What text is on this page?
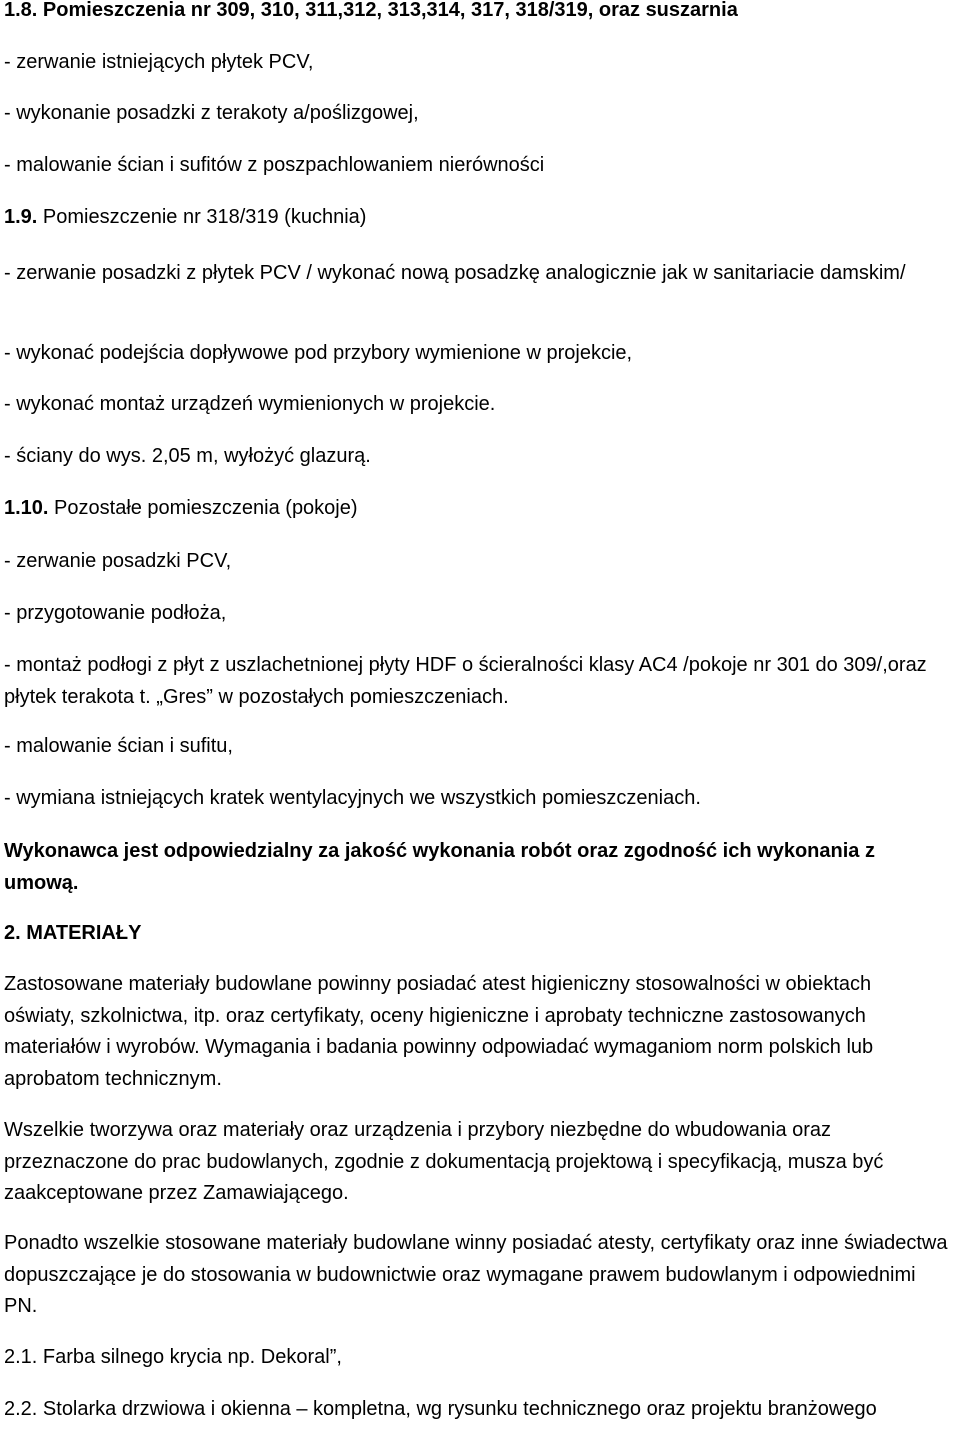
1.8. Pomieszczenia nr 309, 310, 311,312, 313,314, 317, 318/319, oraz suszarnia
- zerwanie istniejących płytek PCV,
- wykonanie posadzki z terakoty a/poślizgowej,
- malowanie ścian i sufitów z poszpachlowaniem nierówności
1.9. Pomieszczenie nr 318/319 (kuchnia)
- zerwanie posadzki z płytek PCV / wykonać nową posadzkę analogicznie jak w sanitariacie damskim/
- wykonać podejścia dopływowe pod przybory wymienione w projekcie,
- wykonać montaż urządzeń wymienionych w projekcie.
- ściany do wys. 2,05 m, wyłożyć glazurą.
1.10. Pozostałe pomieszczenia (pokoje)
- zerwanie posadzki PCV,
- przygotowanie podłoża,
- montaż podłogi z płyt z uszlachetnionej płyty HDF o ścieralności klasy AC4 /pokoje nr 301 do 309/,oraz płytek terakota t. „Gres” w pozostałych pomieszczeniach.
- malowanie ścian i sufitu,
- wymiana istniejących kratek wentylacyjnych we wszystkich pomieszczeniach.
Wykonawca jest odpowiedzialny za jakość wykonania robót oraz zgodność ich wykonania z umową.
2. MATERIAŁY
Zastosowane materiały budowlane powinny posiadać atest higieniczny stosowalności w obiektach oświaty, szkolnictwa, itp. oraz certyfikaty, oceny higieniczne i aprobaty techniczne zastosowanych materiałów i wyrobów. Wymagania i badania powinny odpowiadać wymaganiom norm polskich lub aprobatom technicznym.
Wszelkie tworzywa oraz materiały oraz urządzenia i przybory niezbędne do wbudowania oraz przeznaczone do prac budowlanych, zgodnie z dokumentacją projektową i specyfikacją, musza być zaakceptowane przez Zamawiającego.
Ponadto wszelkie stosowane materiały budowlane winny posiadać atesty, certyfikaty oraz inne świadectwa dopuszczające je do stosowania w budownictwie oraz wymagane prawem budowlanym i odpowiednimi PN.
2.1. Farba silnego krycia np. Dekoral”,
2.2. Stolarka drzwiowa i okienna – kompletna, wg rysunku technicznego oraz projektu branżowego
